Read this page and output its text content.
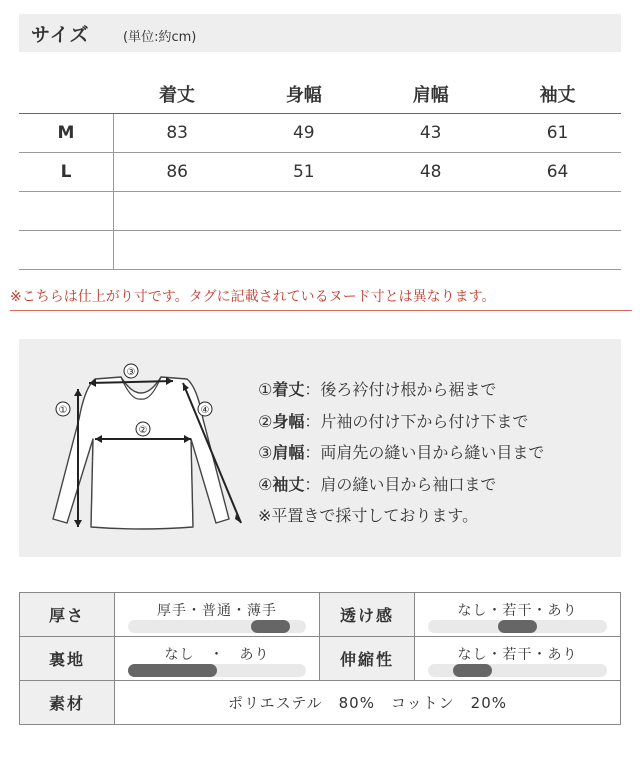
サイズ	(単位:約cm)
	着丈	身幅	肩幅	袖丈
M	83	49	43	61
L	86	51	48	64

※こちらは仕上がり寸です。タグに記載されているヌード寸とは異なります。
③
①
②
④
①着丈：後ろ衿付け根から裾まで
②身幅：片袖の付け下から付け下まで
③肩幅：両肩先の縫い目から縫い目まで
④袖丈：肩の縫い目から袖口まで
※平置きで採寸しております。
厚さ	厚手・普通・薄手	透け感	なし・若干・あり

裏地	なし　・　あり	伸縮性	なし・若干・あり

素材	ポリエステル　80%　コットン　20%		
